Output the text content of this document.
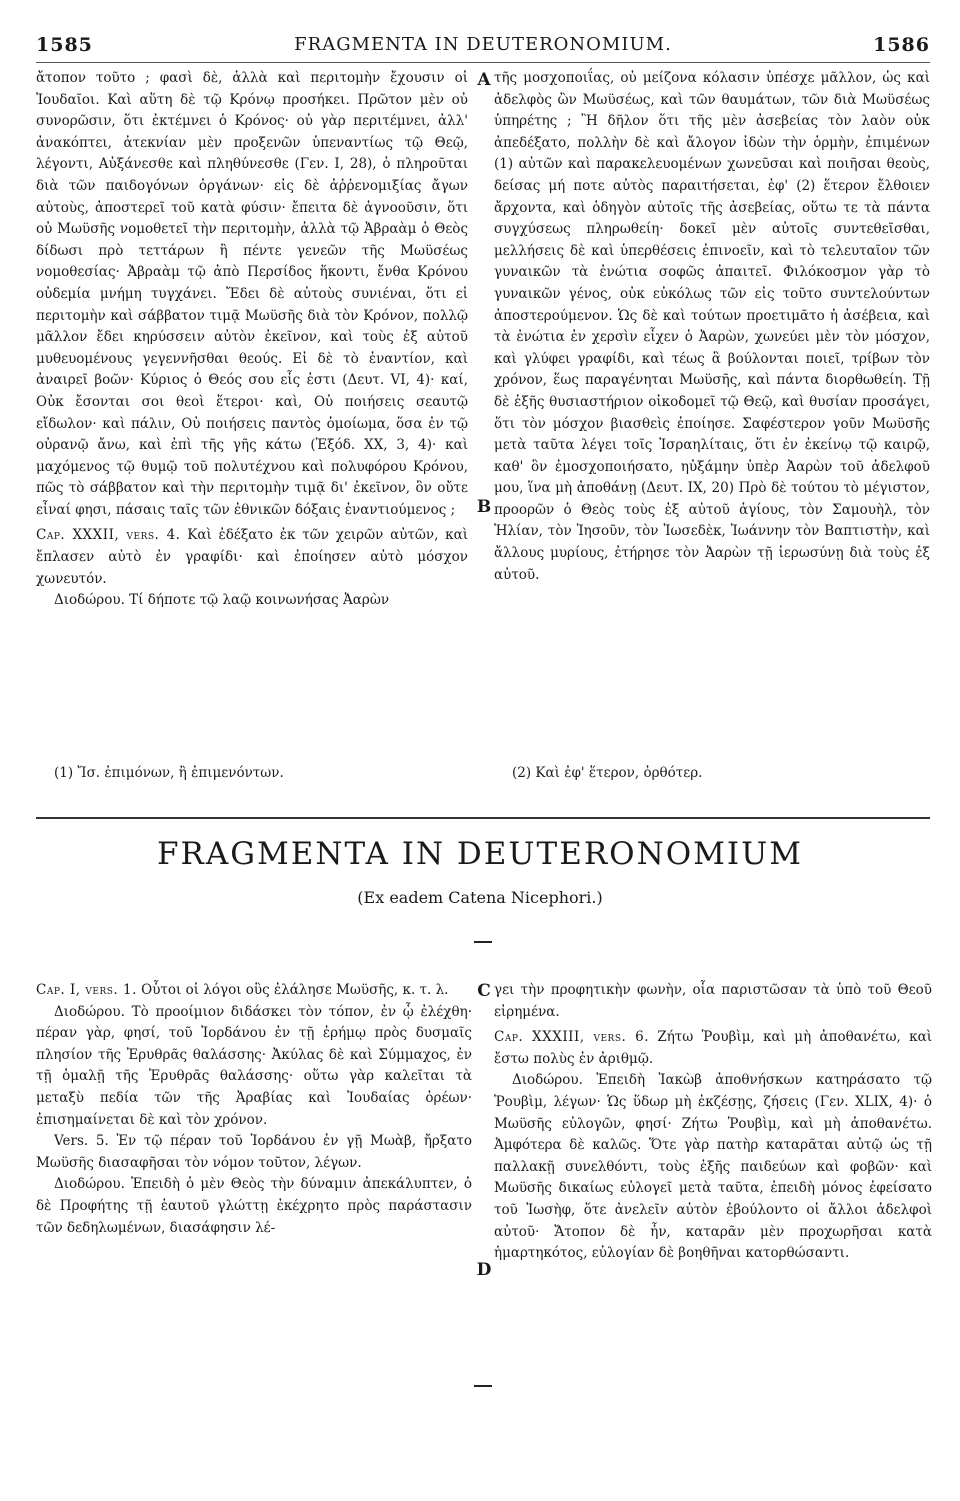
1585	FRAGMENTA IN DEUTERONOMIUM.	1586

ἄτοπον τοῦτο ; φασὶ δὲ, ἀλλὰ καὶ περιτομὴν ἔχουσιν οἱ Ἰουδαῖοι. Καὶ αὕτη δὲ τῷ Κρόνῳ προσήκει. Πρῶτον μὲν οὐ συνορῶσιν, ὅτι ἐκτέμνει ὁ Κρόνος· οὐ γὰρ περιτέμνει, ἀλλ' ἀνακόπτει, ἀτεκνίαν μὲν προξενῶν ὑπεναντίως τῷ Θεῷ, λέγοντι, Αὐξάνεσθε καὶ πληθύνεσθε (Γεν. I, 28), ὁ πληροῦται διὰ τῶν παιδογόνων ὀργάνων· εἰς δὲ ἀῤῥενομιξίας ἄγων αὐτοὺς, ἀποστερεῖ τοῦ κατὰ φύσιν· ἔπειτα δὲ ἀγνοοῦσιν, ὅτι οὐ Μωϋσῆς νομοθετεῖ τὴν περιτομὴν, ἀλλὰ τῷ Ἀβραὰμ ὁ Θεὸς δίδωσι πρὸ τεττάρων ἢ πέντε γενεῶν τῆς Μωϋσέως νομοθεσίας· Ἀβραὰμ τῷ ἀπὸ Περσίδος ἥκοντι, ἔνθα Κρόνου οὐδεμία μνήμη τυγχάνει. Ἔδει δὲ αὐτοὺς συνιέναι, ὅτι εἰ περιτομὴν καὶ σάββατον τιμᾷ Μωϋσῆς διὰ τὸν Κρόνον, πολλῷ μᾶλλον ἔδει κηρύσσειν αὐτὸν ἐκεῖνον, καὶ τοὺς ἐξ αὐτοῦ μυθευομένους γεγεννῆσθαι θεούς. Εἰ δὲ τὸ ἐναντίον, καὶ ἀναιρεῖ βοῶν· Κύριος ὁ Θεός σου εἷς ἐστι (Δευτ. VI, 4)· καί, Οὐκ ἔσονται σοι θεοὶ ἕτεροι· καὶ, Οὐ ποιήσεις σεαυτῷ εἴδωλον· καὶ πάλιν, Οὐ ποιήσεις παντὸς ὁμοίωμα, ὅσα ἐν τῷ οὐρανῷ ἄνω, καὶ ἐπὶ τῆς γῆς κάτω (Ἐξόδ. XX, 3, 4)· καὶ μαχόμενος τῷ θυμῷ τοῦ πολυτέχνου καὶ πολυφόρου Κρόνου, πῶς τὸ σάββατον καὶ τὴν περιτομὴν τιμᾷ δι' ἐκεῖνον, ὃν οὔτε εἶναί φησι, πάσαις ταῖς τῶν ἐθνικῶν δόξαις ἐναντιούμενος ;

Cap. XXXII, vers. 4. Καὶ ἐδέξατο ἐκ τῶν χειρῶν αὐτῶν, καὶ ἔπλασεν αὐτὸ ἐν γραφίδι· καὶ ἐποίησεν αὐτὸ μόσχον χωνευτόν.

Διοδώρου. Τί δήποτε τῷ λαῷ κοινωνήσας Ἀαρὼν

τῆς μοσχοποιΐας, οὐ μείζονα κόλασιν ὑπέσχε μᾶλλον, ὡς καὶ ἀδελφὸς ὢν Μωϋσέως, καὶ τῶν θαυμάτων, τῶν διὰ Μωϋσέως ὑπηρέτης ; Ἢ δῆλον ὅτι τῆς μὲν ἀσεβείας τὸν λαὸν οὐκ ἀπεδέξατο, πολλὴν δὲ καὶ ἄλογον ἰδὼν τὴν ὁρμὴν, ἐπιμένων (1) αὐτῶν καὶ παρακελευομένων χωνεῦσαι καὶ ποιῆσαι θεοὺς, δείσας μή ποτε αὐτὸς παραιτήσεται, ἐφ' (2) ἕτερον ἔλθοιεν ἄρχοντα, καὶ ὁδηγὸν αὐτοῖς τῆς ἀσεβείας, οὕτω τε τὰ πάντα συγχύσεως πληρωθείη· δοκεῖ μὲν αὐτοῖς συντεθεῖσθαι, μελλήσεις δὲ καὶ ὑπερθέσεις ἐπινοεῖν, καὶ τὸ τελευταῖον τῶν γυναικῶν τὰ ἐνώτια σοφῶς ἀπαιτεῖ. Φιλόκοσμον γὰρ τὸ γυναικῶν γένος, οὐκ εὐκόλως τῶν εἰς τοῦτο συντελούντων ἀποστερούμενον. Ὡς δὲ καὶ τούτων προετιμᾶτο ἡ ἀσέβεια, καὶ τὰ ἐνώτια ἐν χερσὶν εἶχεν ὁ Ἀαρὼν, χωνεύει μὲν τὸν μόσχον, καὶ γλύφει γραφίδι, καὶ τέως ἃ βούλονται ποιεῖ, τρίβων τὸν χρόνον, ἕως παραγένηται Μωϋσῆς, καὶ πάντα διορθωθείη. Τῇ δὲ ἑξῆς θυσιαστήριον οἰκοδομεῖ τῷ Θεῷ, καὶ θυσίαν προσάγει, ὅτι τὸν μόσχον βιασθεὶς ἐποίησε. Σαφέστερον γοῦν Μωϋσῆς μετὰ ταῦτα λέγει τοῖς Ἰσραηλίταις, ὅτι ἐν ἐκείνῳ τῷ καιρῷ, καθ' ὃν ἐμοσχοποιήσατο, ηὐξάμην ὑπὲρ Ἀαρὼν τοῦ ἀδελφοῦ μου, ἵνα μὴ ἀποθάνῃ (Δευτ. IX, 20) Πρὸ δὲ τούτου τὸ μέγιστον, προορῶν ὁ Θεὸς τοὺς ἐξ αὐτοῦ ἁγίους, τὸν Σαμουὴλ, τὸν Ἠλίαν, τὸν Ἰησοῦν, τὸν Ἰωσεδὲκ, Ἰωάννην τὸν Βαπτιστὴν, καὶ ἄλλους μυρίους, ἐτήρησε τὸν Ἀαρὼν τῇ ἱερωσύνῃ διὰ τοὺς ἐξ αὐτοῦ.

A
B
(1) Ἴσ. ἐπιμόνων, ἢ ἐπιμενόντων.	(2) Καὶ ἐφ' ἕτερον, ὀρθότερ.
FRAGMENTA IN DEUTERONOMIUM
(Ex eadem Catena Nicephori.)

Cap. I, vers. 1. Οὗτοι οἱ λόγοι οὓς ἐλάλησε Μωϋσῆς, κ. τ. λ.

Διοδώρου. Τὸ προοίμιον διδάσκει τὸν τόπον, ἐν ᾧ ἐλέχθη· πέραν γὰρ, φησί, τοῦ Ἰορδάνου ἐν τῇ ἐρήμῳ πρὸς δυσμαῖς πλησίον τῆς Ἐρυθρᾶς θαλάσσης· Ἀκύλας δὲ καὶ Σύμμαχος, ἐν τῇ ὁμαλῇ τῆς Ἐρυθρᾶς θαλάσσης· οὕτω γὰρ καλεῖται τὰ μεταξὺ πεδία τῶν τῆς Ἀραβίας καὶ Ἰουδαίας ὀρέων· ἐπισημαίνεται δὲ καὶ τὸν χρόνον.

Vers. 5. Ἐν τῷ πέραν τοῦ Ἰορδάνου ἐν γῇ Μωὰβ, ἤρξατο Μωϋσῆς διασαφῆσαι τὸν νόμον τοῦτον, λέγων.

Διοδώρου. Ἐπειδὴ ὁ μὲν Θεὸς τὴν δύναμιν ἀπεκάλυπτεν, ὁ δὲ Προφήτης τῇ ἑαυτοῦ γλώττῃ ἐκέχρητο πρὸς παράστασιν τῶν δεδηλωμένων, διασάφησιν λέ-

γει τὴν προφητικὴν φωνὴν, οἷα παριστῶσαν τὰ ὑπὸ τοῦ Θεοῦ εἰρημένα.

Cap. XXXIII, vers. 6. Ζήτω Ῥουβὶμ, καὶ μὴ ἀποθανέτω, καὶ ἔστω πολὺς ἐν ἀριθμῷ.

Διοδώρου. Ἐπειδὴ Ἰακὼβ ἀποθνήσκων κατηράσατο τῷ Ῥουβὶμ, λέγων· Ὡς ὕδωρ μὴ ἐκζέσῃς, ζήσεις (Γεν. XLIX, 4)· ὁ Μωϋσῆς εὐλογῶν, φησί· Ζήτω Ῥουβὶμ, καὶ μὴ ἀποθανέτω. Ἀμφότερα δὲ καλῶς. Ὅτε γὰρ πατὴρ καταρᾶται αὐτῷ ὡς τῇ παλλακῇ συνελθόντι, τοὺς ἑξῆς παιδεύων καὶ φοβῶν· καὶ Μωϋσῆς δικαίως εὐλογεῖ μετὰ ταῦτα, ἐπειδὴ μόνος ἐφείσατο τοῦ Ἰωσὴφ, ὅτε ἀνελεῖν αὐτὸν ἐβούλοντο οἱ ἄλλοι ἀδελφοὶ αὐτοῦ· Ἄτοπον δὲ ἦν, καταρᾶν μὲν προχωρῆσαι κατὰ ἡμαρτηκότος, εὐλογίαν δὲ βοηθῆναι κατορθώσαντι.

C
D
